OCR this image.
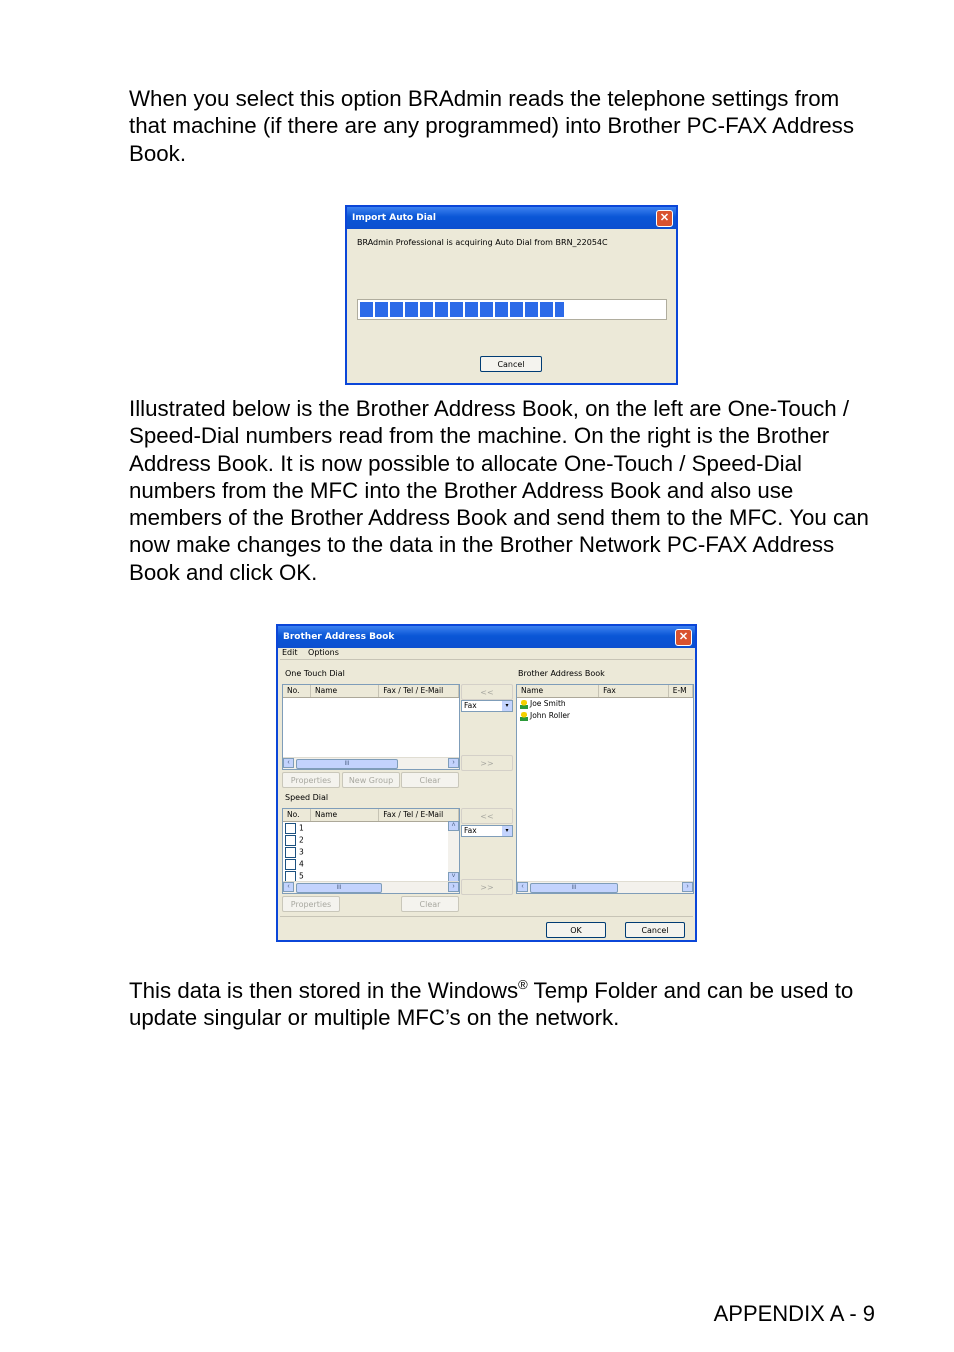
When you select this option BRAdmin reads the telephone settings from that machine (if there are any programmed) into Brother PC-FAX Address Book.

Import Auto Dial	✕
BRAdmin Professional is acquiring Auto Dial from BRN_22054C
Cancel

Illustrated below is the Brother Address Book, on the left are One-Touch / Speed-Dial numbers read from the machine. On the right is the Brother Address Book. It is now possible to allocate One-Touch / Speed-Dial numbers from the MFC into the Brother Address Book and also use members of the Brother Address Book and send them to the MFC. You can now make changes to the data in the Brother Network PC-FAX Address Book and click OK.

Brother Address Book	✕
Edit Options
One Touch Dial	Brother Address Book
No.	Name	Fax / Tel / E-Mail
‹	III	›
<<
Fax	▾
>>
Name	Fax	E-M
Joe Smith
John Roller
‹	III	›
Properties	New Group	Clear
Speed Dial
No.	Name	Fax / Tel / E-Mail
1
2
3
4
5
˄
˅
‹	III	›
<<
Fax	▾
>>
Properties	Clear
OK	Cancel

This data is then stored in the Windows® Temp Folder and can be used to update singular or multiple MFC’s on the network.

APPENDIX A - 9
